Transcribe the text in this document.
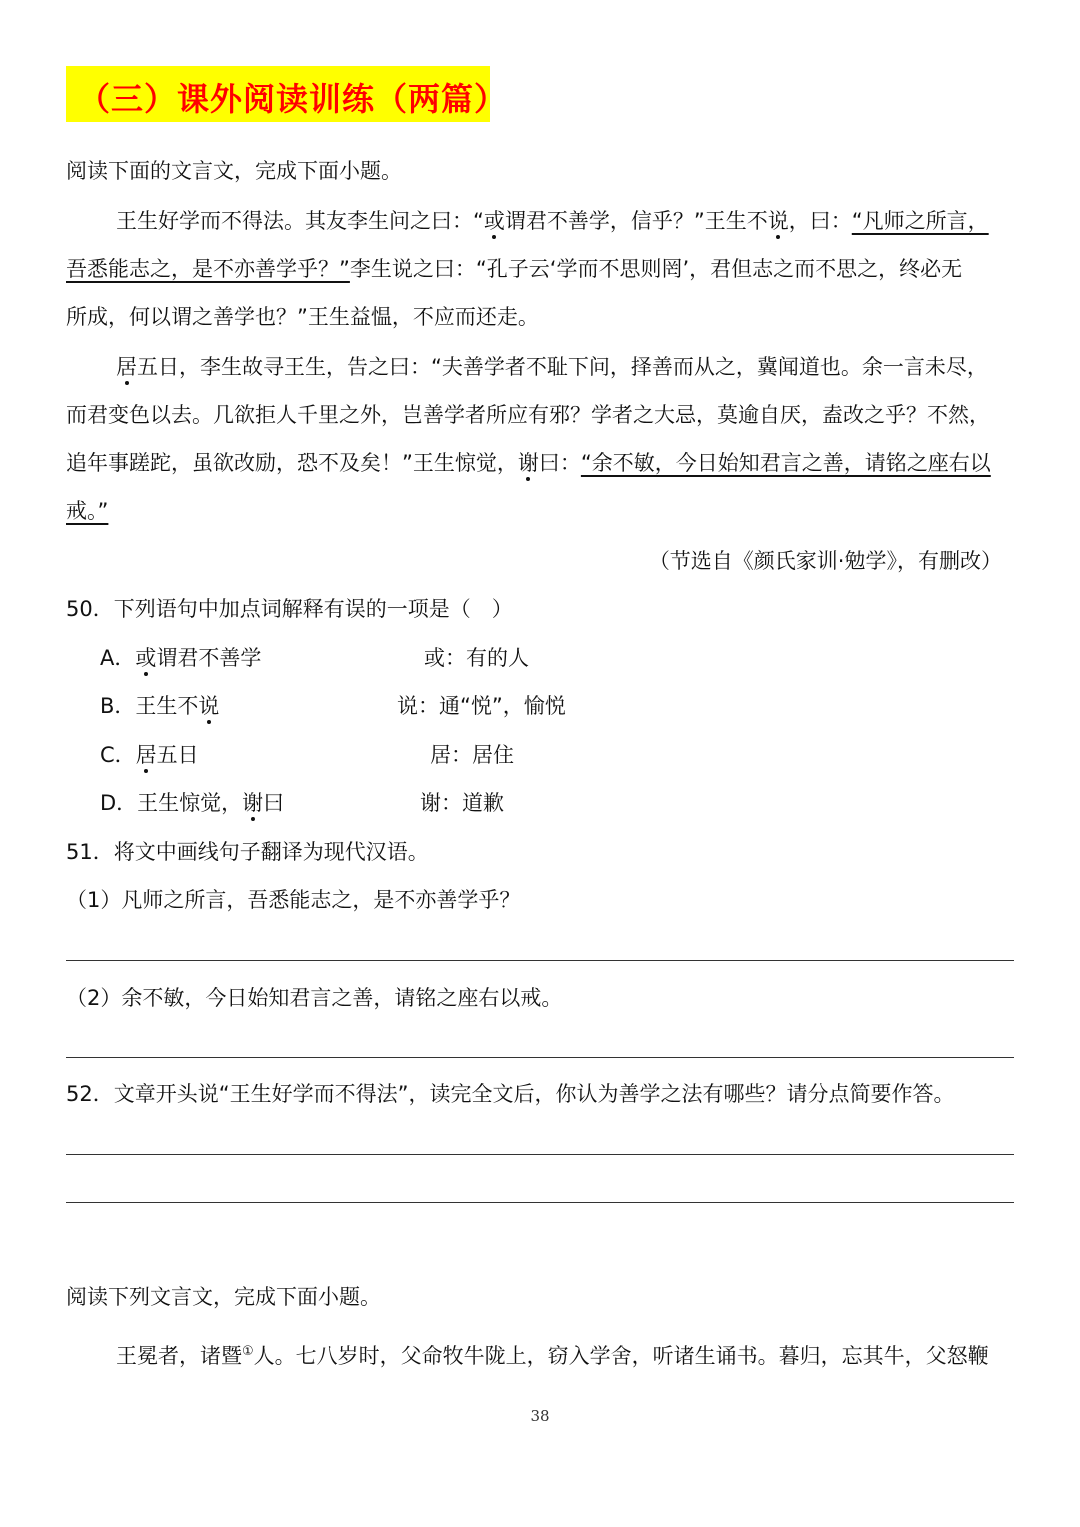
（三）课外阅读训练（两篇）
阅读下面的文言文，完成下面小题。
王生好学而不得法。其友李生问之曰：“或谓君不善学，信乎？”王生不说，曰：“凡师之所言，
吾悉能志之，是不亦善学乎？”李生说之曰：“孔子云‘学而不思则罔’，君但志之而不思之，终必无
所成，何以谓之善学也？”王生益愠，不应而还走。
居五日，李生故寻王生，告之曰：“夫善学者不耻下问，择善而从之，冀闻道也。余一言未尽，
而君变色以去。几欲拒人千里之外，岂善学者所应有邪？学者之大忌，莫逾自厌，盍改之乎？不然，
追年事蹉跎，虽欲改励，恐不及矣！”王生惊觉，谢曰：“余不敏，今日始知君言之善，请铭之座右以
戒。”
（节选自《颜氏家训·勉学》，有删改）
50．下列语句中加点词解释有误的一项是（　）
A．或谓君不善学	或：有的人
B．王生不说	说：通“悦”，愉悦
C．居五日	居：居住
D．王生惊觉，谢曰	谢：道歉
51．将文中画线句子翻译为现代汉语。
（1）凡师之所言，吾悉能志之，是不亦善学乎？
（2）余不敏，今日始知君言之善，请铭之座右以戒。
52．文章开头说“王生好学而不得法”，读完全文后，你认为善学之法有哪些？请分点简要作答。
阅读下列文言文，完成下面小题。
王冕者，诸暨①人。七八岁时，父命牧牛陇上，窃入学舍，听诸生诵书。暮归，忘其牛，父怒鞭
38
